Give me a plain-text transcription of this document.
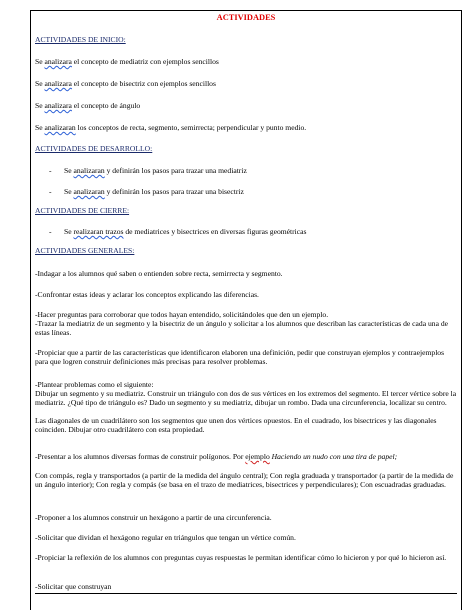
ACTIVIDADES
ACTIVIDADES DE INICIO:
Se analizara el concepto de mediatriz con ejemplos sencillos
Se analizara el concepto de bisectriz con ejemplos sencillos
Se analizara el concepto de ángulo
Se analizaran los conceptos de recta, segmento, semirrecta; perpendicular y punto medio.
ACTIVIDADES DE DESARROLLO:
- Se analizaran y definirán los pasos para trazar una mediatriz
- Se analizaran y definirán los pasos para trazar una bisectriz
ACTIVIDADES DE CIERRE:
- Se realizaran trazos de mediatrices y bisectrices en diversas figuras geométricas
ACTIVIDADES GENERALES:
-Indagar a los alumnos qué saben o entienden sobre recta, semirrecta y segmento.
-Confrontar estas ideas y aclarar los conceptos explicando las diferencias.
-Hacer preguntas para corroborar que todos hayan entendido, solicitándoles que den un ejemplo.
-Trazar la mediatriz de un segmento y la bisectriz de un ángulo y solicitar a los alumnos que describan las características de cada una de estas líneas.
-Propiciar que a partir de las características que identificaron elaboren una definición, pedir que construyan ejemplos y contraejemplos para que logren construir definiciones más precisas para resolver problemas.
-Plantear problemas como el siguiente:
Dibujar un segmento y su mediatriz. Construir un triángulo con dos de sus vértices en los extremos del segmento. El tercer vértice sobre la mediatriz. ¿Qué tipo de triángulo es? Dado un segmento y su mediatriz, dibujar un rombo. Dada una circunferencia, localizar su centro.
Las diagonales de un cuadrilátero son los segmentos que unen dos vértices opuestos. En el cuadrado, los bisectrices y las diagonales coinciden. Dibujar otro cuadrilátero con esta propiedad.
-Presentar a los alumnos diversas formas de construir polígonos. Por ejemplo Haciendo un nudo con una tira de papel;
Con compás, regla y transportados (a partir de la medida del ángulo central); Con regla graduada y transportador (a partir de la medida de un ángulo interior); Con regla y compás (se basa en el trazo de mediatrices, bisectrices y perpendiculares); Con escuadradas graduadas.
-Proponer a los alumnos construir un hexágono a partir de una circunferencia.
-Solicitar que dividan el hexágono regular en triángulos que tengan un vértice común.
-Propiciar la reflexión de los alumnos con preguntas cuyas respuestas le permitan identificar cómo lo hicieron y por qué lo hicieron así.
-Solicitar que construyan
